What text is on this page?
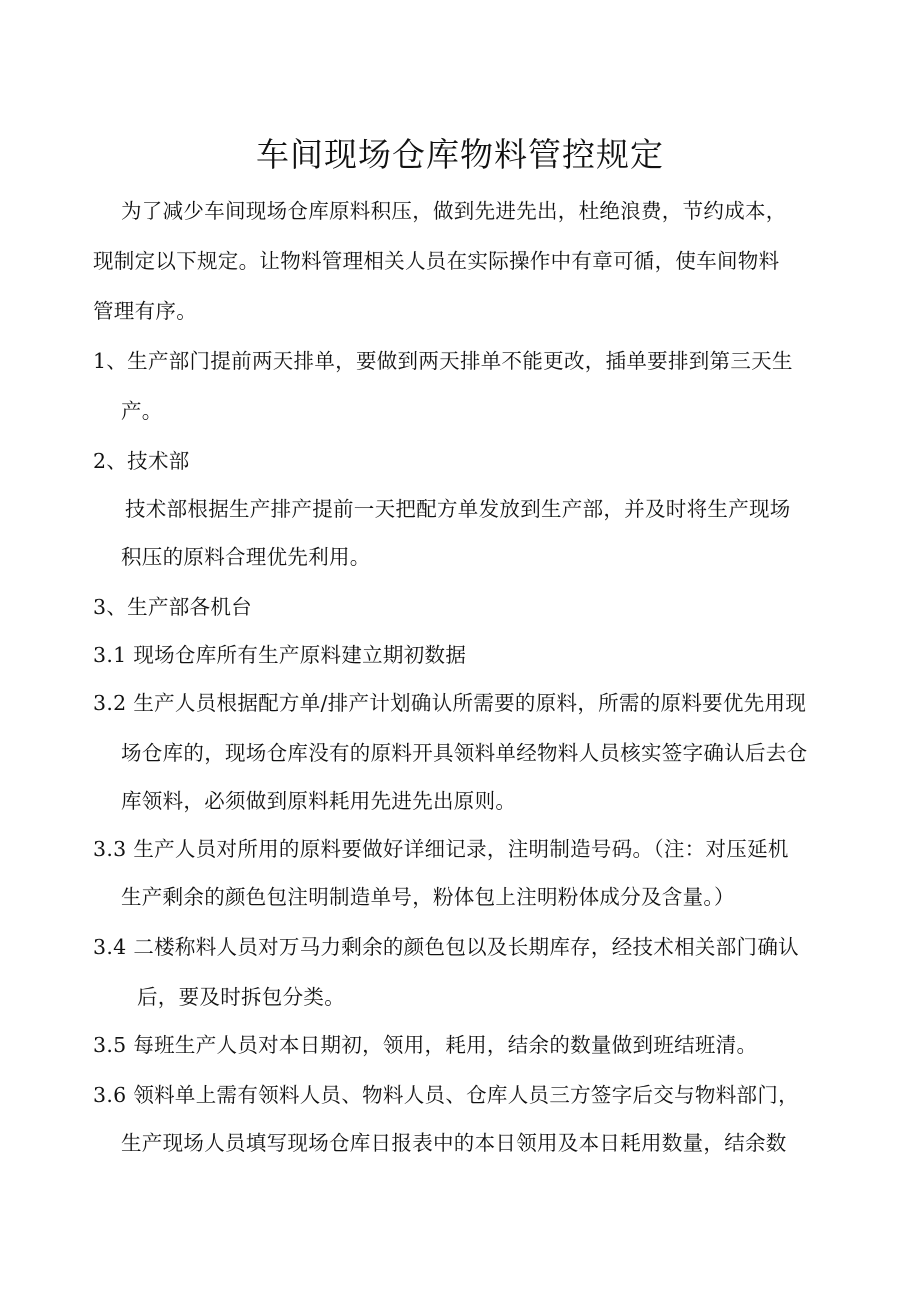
车间现场仓库物料管控规定
为了减少车间现场仓库原料积压，做到先进先出，杜绝浪费，节约成本，
现制定以下规定。让物料管理相关人员在实际操作中有章可循，使车间物料
管理有序。
1、生产部门提前两天排单，要做到两天排单不能更改，插单要排到第三天生
产。
2、技术部
技术部根据生产排产提前一天把配方单发放到生产部，并及时将生产现场
积压的原料合理优先利用。
3、生产部各机台
3.1 现场仓库所有生产原料建立期初数据
3.2 生产人员根据配方单/排产计划确认所需要的原料，所需的原料要优先用现
场仓库的，现场仓库没有的原料开具领料单经物料人员核实签字确认后去仓
库领料，必须做到原料耗用先进先出原则。
3.3 生产人员对所用的原料要做好详细记录，注明制造号码。（注：对压延机
生产剩余的颜色包注明制造单号，粉体包上注明粉体成分及含量。）
3.4 二楼称料人员对万马力剩余的颜色包以及长期库存，经技术相关部门确认
后，要及时拆包分类。
3.5 每班生产人员对本日期初，领用，耗用，结余的数量做到班结班清。
3.6 领料单上需有领料人员、物料人员、仓库人员三方签字后交与物料部门，
生产现场人员填写现场仓库日报表中的本日领用及本日耗用数量，结余数
